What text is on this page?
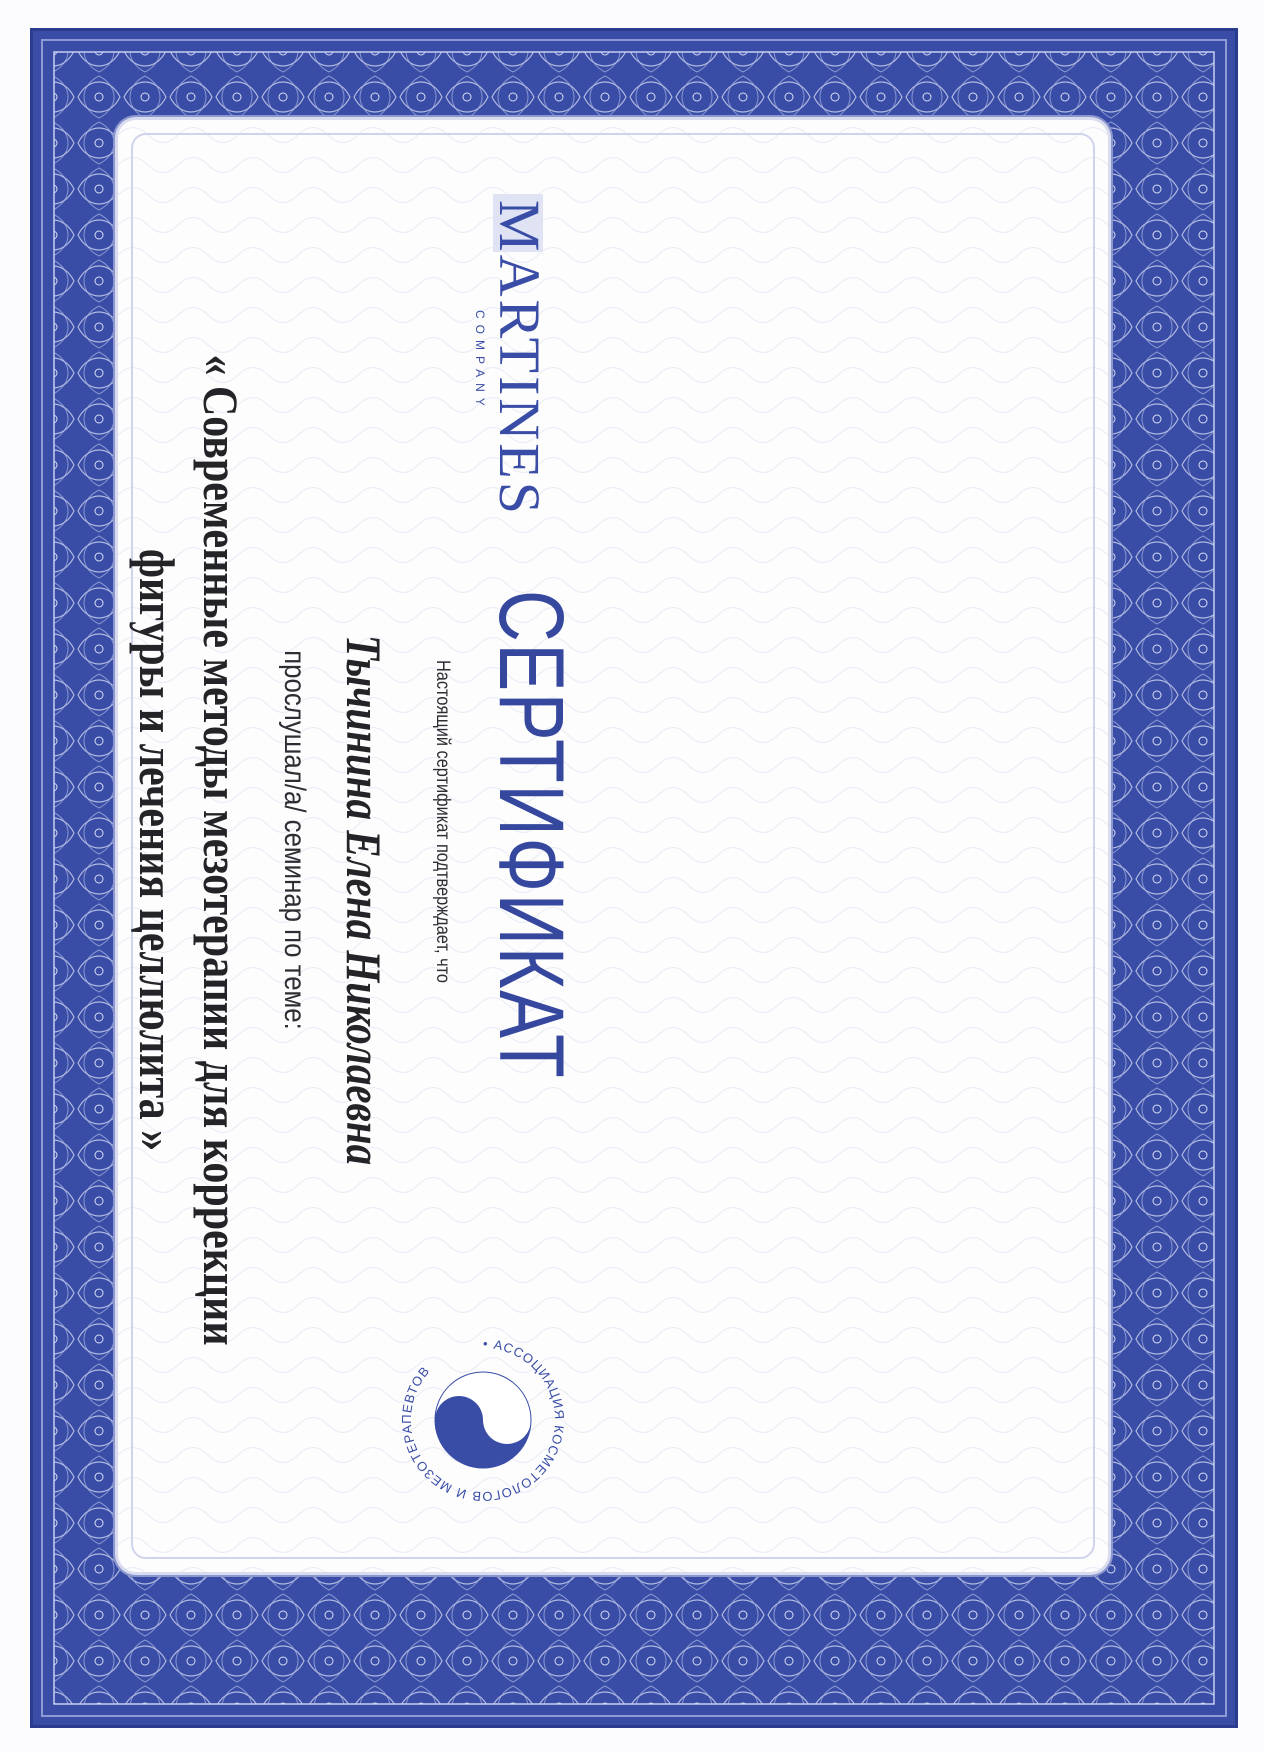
MARTINES
COMPANY
СЕРТИФИКАТ
Настоящий сертификат подтверждает, что
Тычинина Елена Николаевна
прослушал/а/ семинар по теме:
« Современные методы мезотерапии для коррекции
фигуры и лечения целлюлита »
• АССОЦИАЦИЯ КОСМЕТОЛОГОВ И МЕЗОТЕРАПЕВТОВ
